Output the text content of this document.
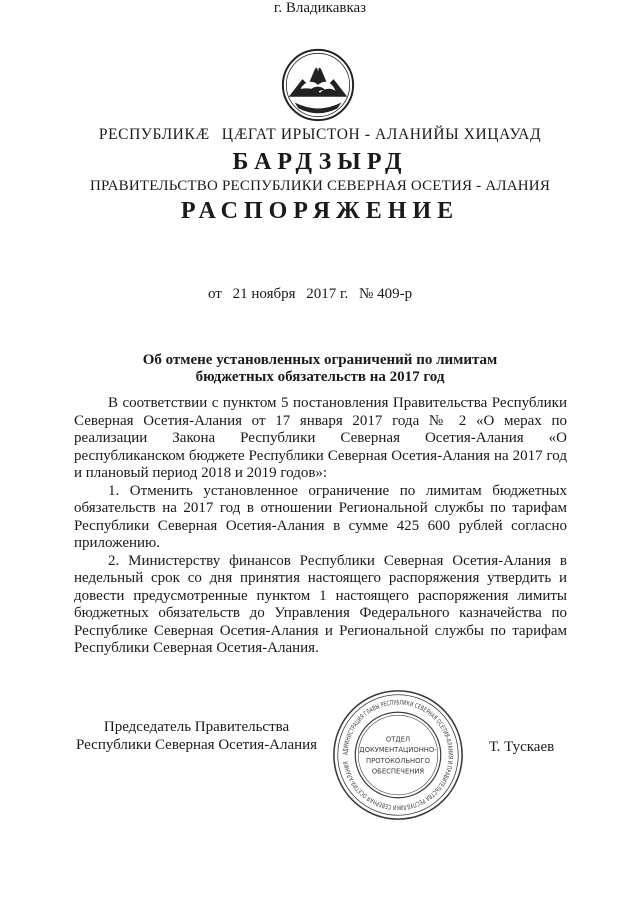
РЕСПУБЛИКӔ ЦӔГАТ ИРЫСТОН - АЛАНИЙЫ ХИЦАУАД
БАРДЗЫРД
ПРАВИТЕЛЬСТВО РЕСПУБЛИКИ СЕВЕРНАЯ ОСЕТИЯ - АЛАНИЯ
РАСПОРЯЖЕНИЕ
от 21 ноября 2017 г. № 409-р
г. Владикавказ
Об отмене установленных ограничений по лимитам
бюджетных обязательств на 2017 год

В соответствии с пунктом 5 постановления Правительства Республики Северная Осетия-Алания от 17 января 2017 года № 2 «О мерах по реализации Закона Республики Северная Осетия-Алания «О республиканском бюджете Республики Северная Осетия-Алания на 2017 год и плановый период 2018 и 2019 годов»:

1. Отменить установленное ограничение по лимитам бюджетных обязательств на 2017 год в отношении Региональной службы по тарифам Республики Северная Осетия-Алания в сумме 425 600 рублей согласно приложению.

2. Министерству финансов Республики Северная Осетия-Алания в недельный срок со дня принятия настоящего распоряжения утвердить и довести предусмотренные пунктом 1 настоящего распоряжения лимиты бюджетных обязательств до Управления Федерального казначейства по Республике Северная Осетия-Алания и Региональной службы по тарифам Республики Северная Осетия-Алания.

Председатель Правительства
Республики Северная Осетия-Алания	АДМИНИСТРАЦИЯ ГЛАВЫ РЕСПУБЛИКИ СЕВЕРНАЯ ОСЕТИЯ-АЛАНИЯ И ПРАВИТЕЛЬСТВА РЕСПУБЛИКИ СЕВЕРНАЯ ОСЕТИЯ-АЛАНИЯ
ОТДЕЛ
ДОКУМЕНТАЦИОННО-
ПРОТОКОЛЬНОГО
ОБЕСПЕЧЕНИЯ
Т. Тускаев
